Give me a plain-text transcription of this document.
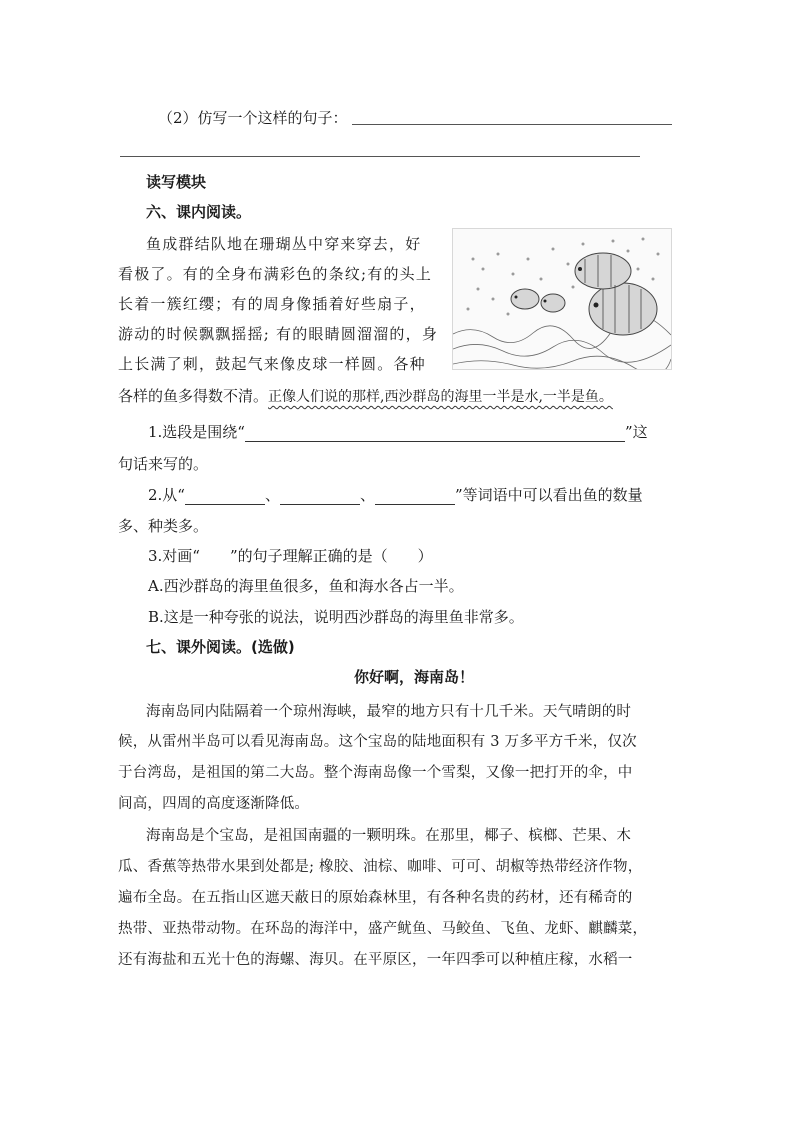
（2）仿写一个这样的句子：
读写模块
六、课内阅读。
鱼成群结队地在珊瑚丛中穿来穿去，好
看极了。有的全身布满彩色的条纹;有的头上
长着一簇红缨；有的周身像插着好些扇子，
游动的时候飘飘摇摇; 有的眼睛圆溜溜的，身
上长满了刺，鼓起气来像皮球一样圆。各种
各样的鱼多得数不清。正像人们说的那样,西沙群岛的海里一半是水,一半是鱼。
1.选段是围绕“	”这
句话来写的。
2.从“	、	、	”等词语中可以看出鱼的数量
多、种类多。
3.对画“ ”的句子理解正确的是（　　）
A.西沙群岛的海里鱼很多，鱼和海水各占一半。
B.这是一种夸张的说法，说明西沙群岛的海里鱼非常多。
七、课外阅读。(选做)
你好啊，海南岛！
海南岛同内陆隔着一个琼州海峡，最窄的地方只有十几千米。天气晴朗的时
候，从雷州半岛可以看见海南岛。这个宝岛的陆地面积有 3 万多平方千米，仅次
于台湾岛，是祖国的第二大岛。整个海南岛像一个雪梨，又像一把打开的伞，中
间高，四周的高度逐渐降低。
海南岛是个宝岛，是祖国南疆的一颗明珠。在那里，椰子、槟榔、芒果、木
瓜、香蕉等热带水果到处都是; 橡胶、油棕、咖啡、可可、胡椒等热带经济作物，
遍布全岛。在五指山区遮天蔽日的原始森林里，有各种名贵的药材，还有稀奇的
热带、亚热带动物。在环岛的海洋中，盛产鱿鱼、马鲛鱼、飞鱼、龙虾、麒麟菜，
还有海盐和五光十色的海螺、海贝。在平原区，一年四季可以种植庄稼，水稻一
